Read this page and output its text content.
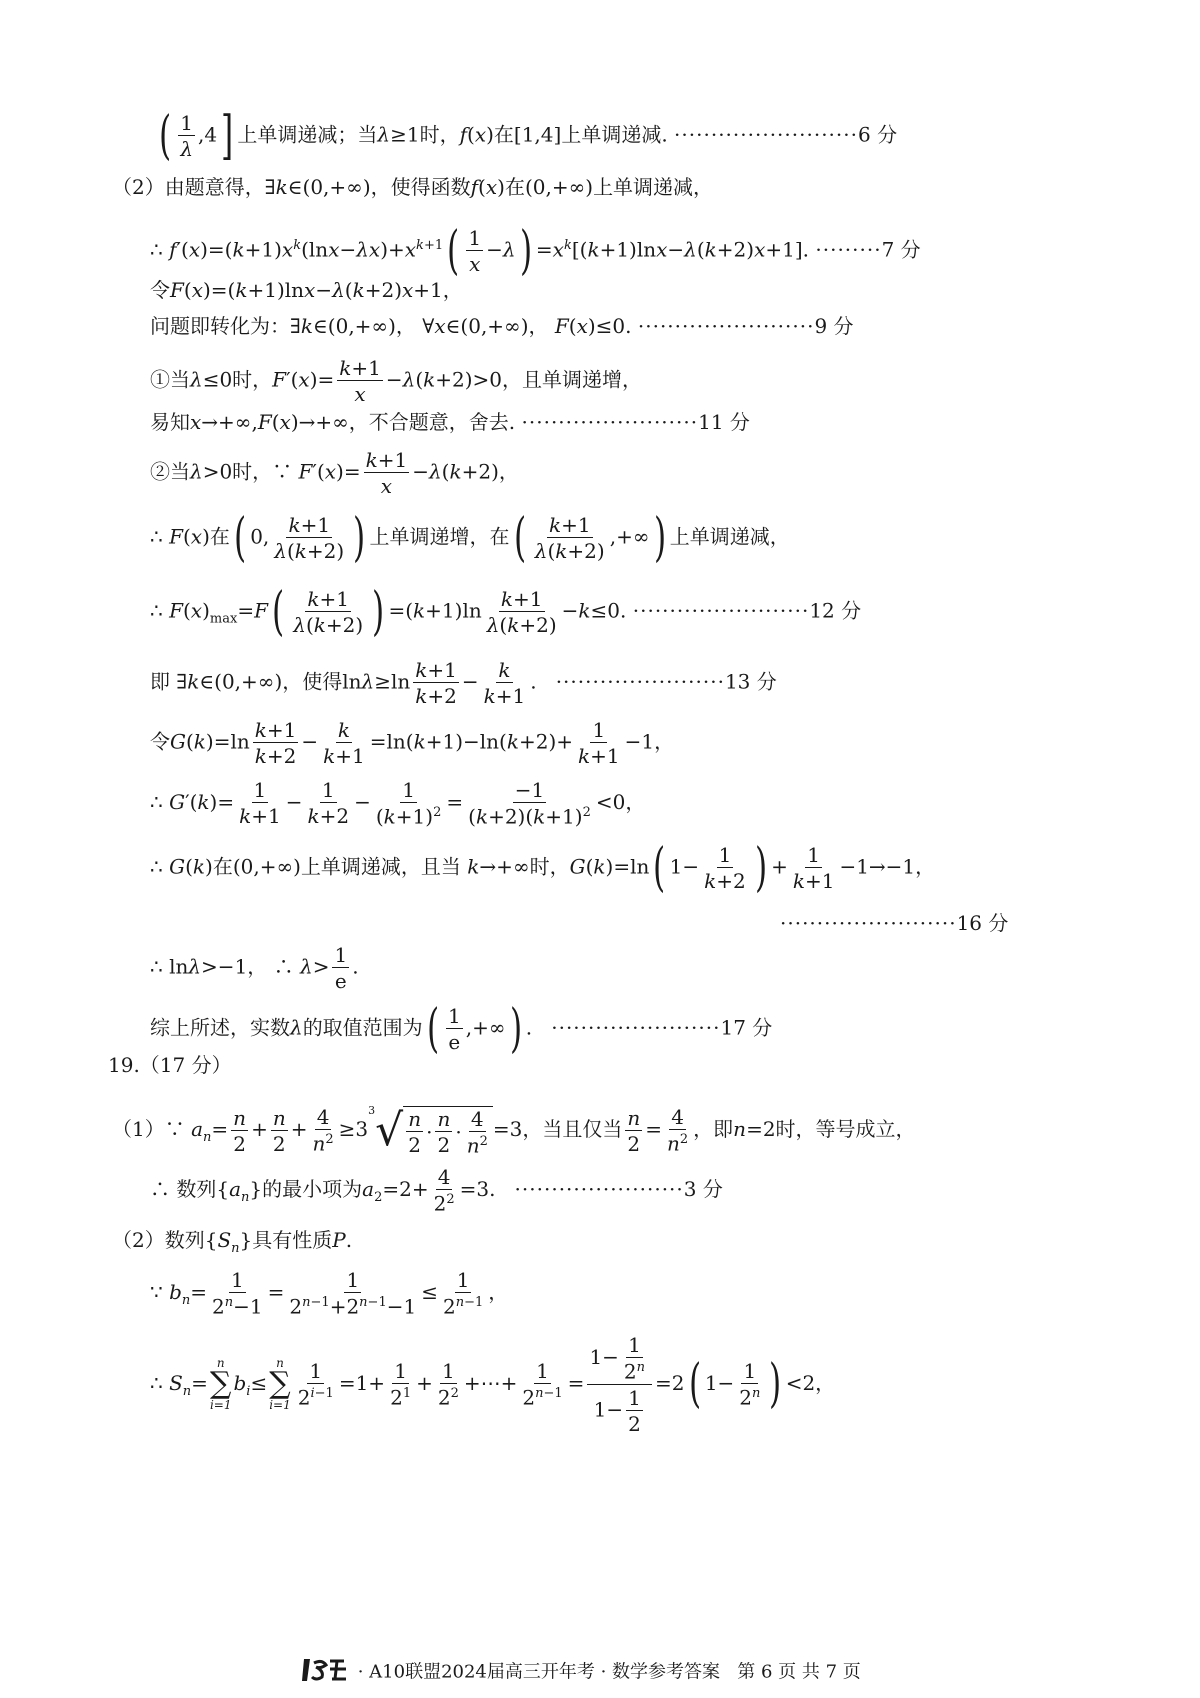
( $\frac{1}{\lambda} ,4$] 上单调递减；当λ≥1时，f(x)在[1,4]上单调递减. ·························6 分
（2）由题意得，∃k∈(0,+∞)，使得函数f(x)在(0,+∞)上单调递减，
∴ $f'(x)=(k+1)x^k(\ln x-\lambda x)+x^{k+1}( \frac{1}{x} -\lambda) =x^k[(k+1)\ln x-\lambda(k+2)x+1]$. ·········7 分
令F(x)=(k+1)lnx−λ(k+2)x+1，
问题即转化为：∃k∈(0,+∞)， ∀x∈(0,+∞)， F(x)≤0. ························9 分
①当λ≤0时，$F'(x)= \frac{k+1}{x} -\lambda(k+2)>0$，且单调递增，
易知x→+∞,F(x)→+∞，不合题意，舍去. ························11 分
②当λ>0时，∵ $F'(x)= \frac{k+1}{x} -\lambda(k+2)$，
∴ F(x)在( 0, $\frac{k+1}{\lambda(k+2)}$ ) 上单调递增，在( $\frac{k+1}{\lambda(k+2)}$ ,+∞) 上单调递减，
∴ $F(x)_{max}=F( \frac{k+1}{\lambda(k+2)}$ ) $=(k+1)\ln \frac{k+1}{\lambda(k+2)} -k\le 0$. ························12 分
即 ∃k∈(0,+∞)，使得$\ln\lambda\ge\ln \frac{k+1}{k+2} - \frac{k}{k+1}$ .   ·······················13 分
令$G(k)=\ln \frac{k+1}{k+2} - \frac{k}{k+1} =\ln(k+1)-\ln(k+2)+ \frac{1}{k+1} -1$，
∴ $G'(k)= \frac{1}{k+1} - \frac{1}{k+2} - \frac{1}{(k+1)^2} = \frac{-1}{(k+2)(k+1)^2} <0$，
∴ G(k)在(0,+∞)上单调递减，且当 k→+∞时，G(k)=ln( $1- \frac{1}{k+2}$ ) + $\frac{1}{k+1} -1\to-1$，
························16 分
∴ lnλ>−1， ∴ $\lambda> \frac{1}{e}$ .
综上所述，实数λ的取值范围为( $\frac{1}{e}$ ,+∞) .   ·······················17 分
19.（17 分）
（1）∵ $a_n= \frac{n}{2} + \frac{n}{2} + \frac{4}{n^2} \ge 3^3$ √ $\frac{n}{2} \cdot \frac{n}{2} \cdot \frac{4}{n^2} =3$，当且仅当 $\frac{n}{2} = \frac{4}{n^2}$ ，即n=2时，等号成立，
∴ 数列$\{a_n\}$的最小项为$a_2=2+ \frac{4}{2^2} =3$.   ·······················3 分
（2）数列$\{S_n\}$具有性质P.
∵ $b_n= \frac{1}{2^n-1} = \frac{1}{2^{n-1}+2^{n-1}-1} \le \frac{1}{2^{n-1}}$ ，
∴ $S_n=$
n
∑
i=1
$b_i\le$
n
∑
$i=1 \frac{1}{2^{i-1}} =1+ \frac{1}{2^1} + \frac{1}{2^2}$ +⋯+ $\frac{1}{2^{n-1}} = \frac{1- \frac{1}{2^n}}{1- \frac{1}{2}} =2$( $1- \frac{1}{2^n}$ ) <2，
· A10联盟2024届高三开年考 · 数学参考答案 第 6 页 共 7 页
